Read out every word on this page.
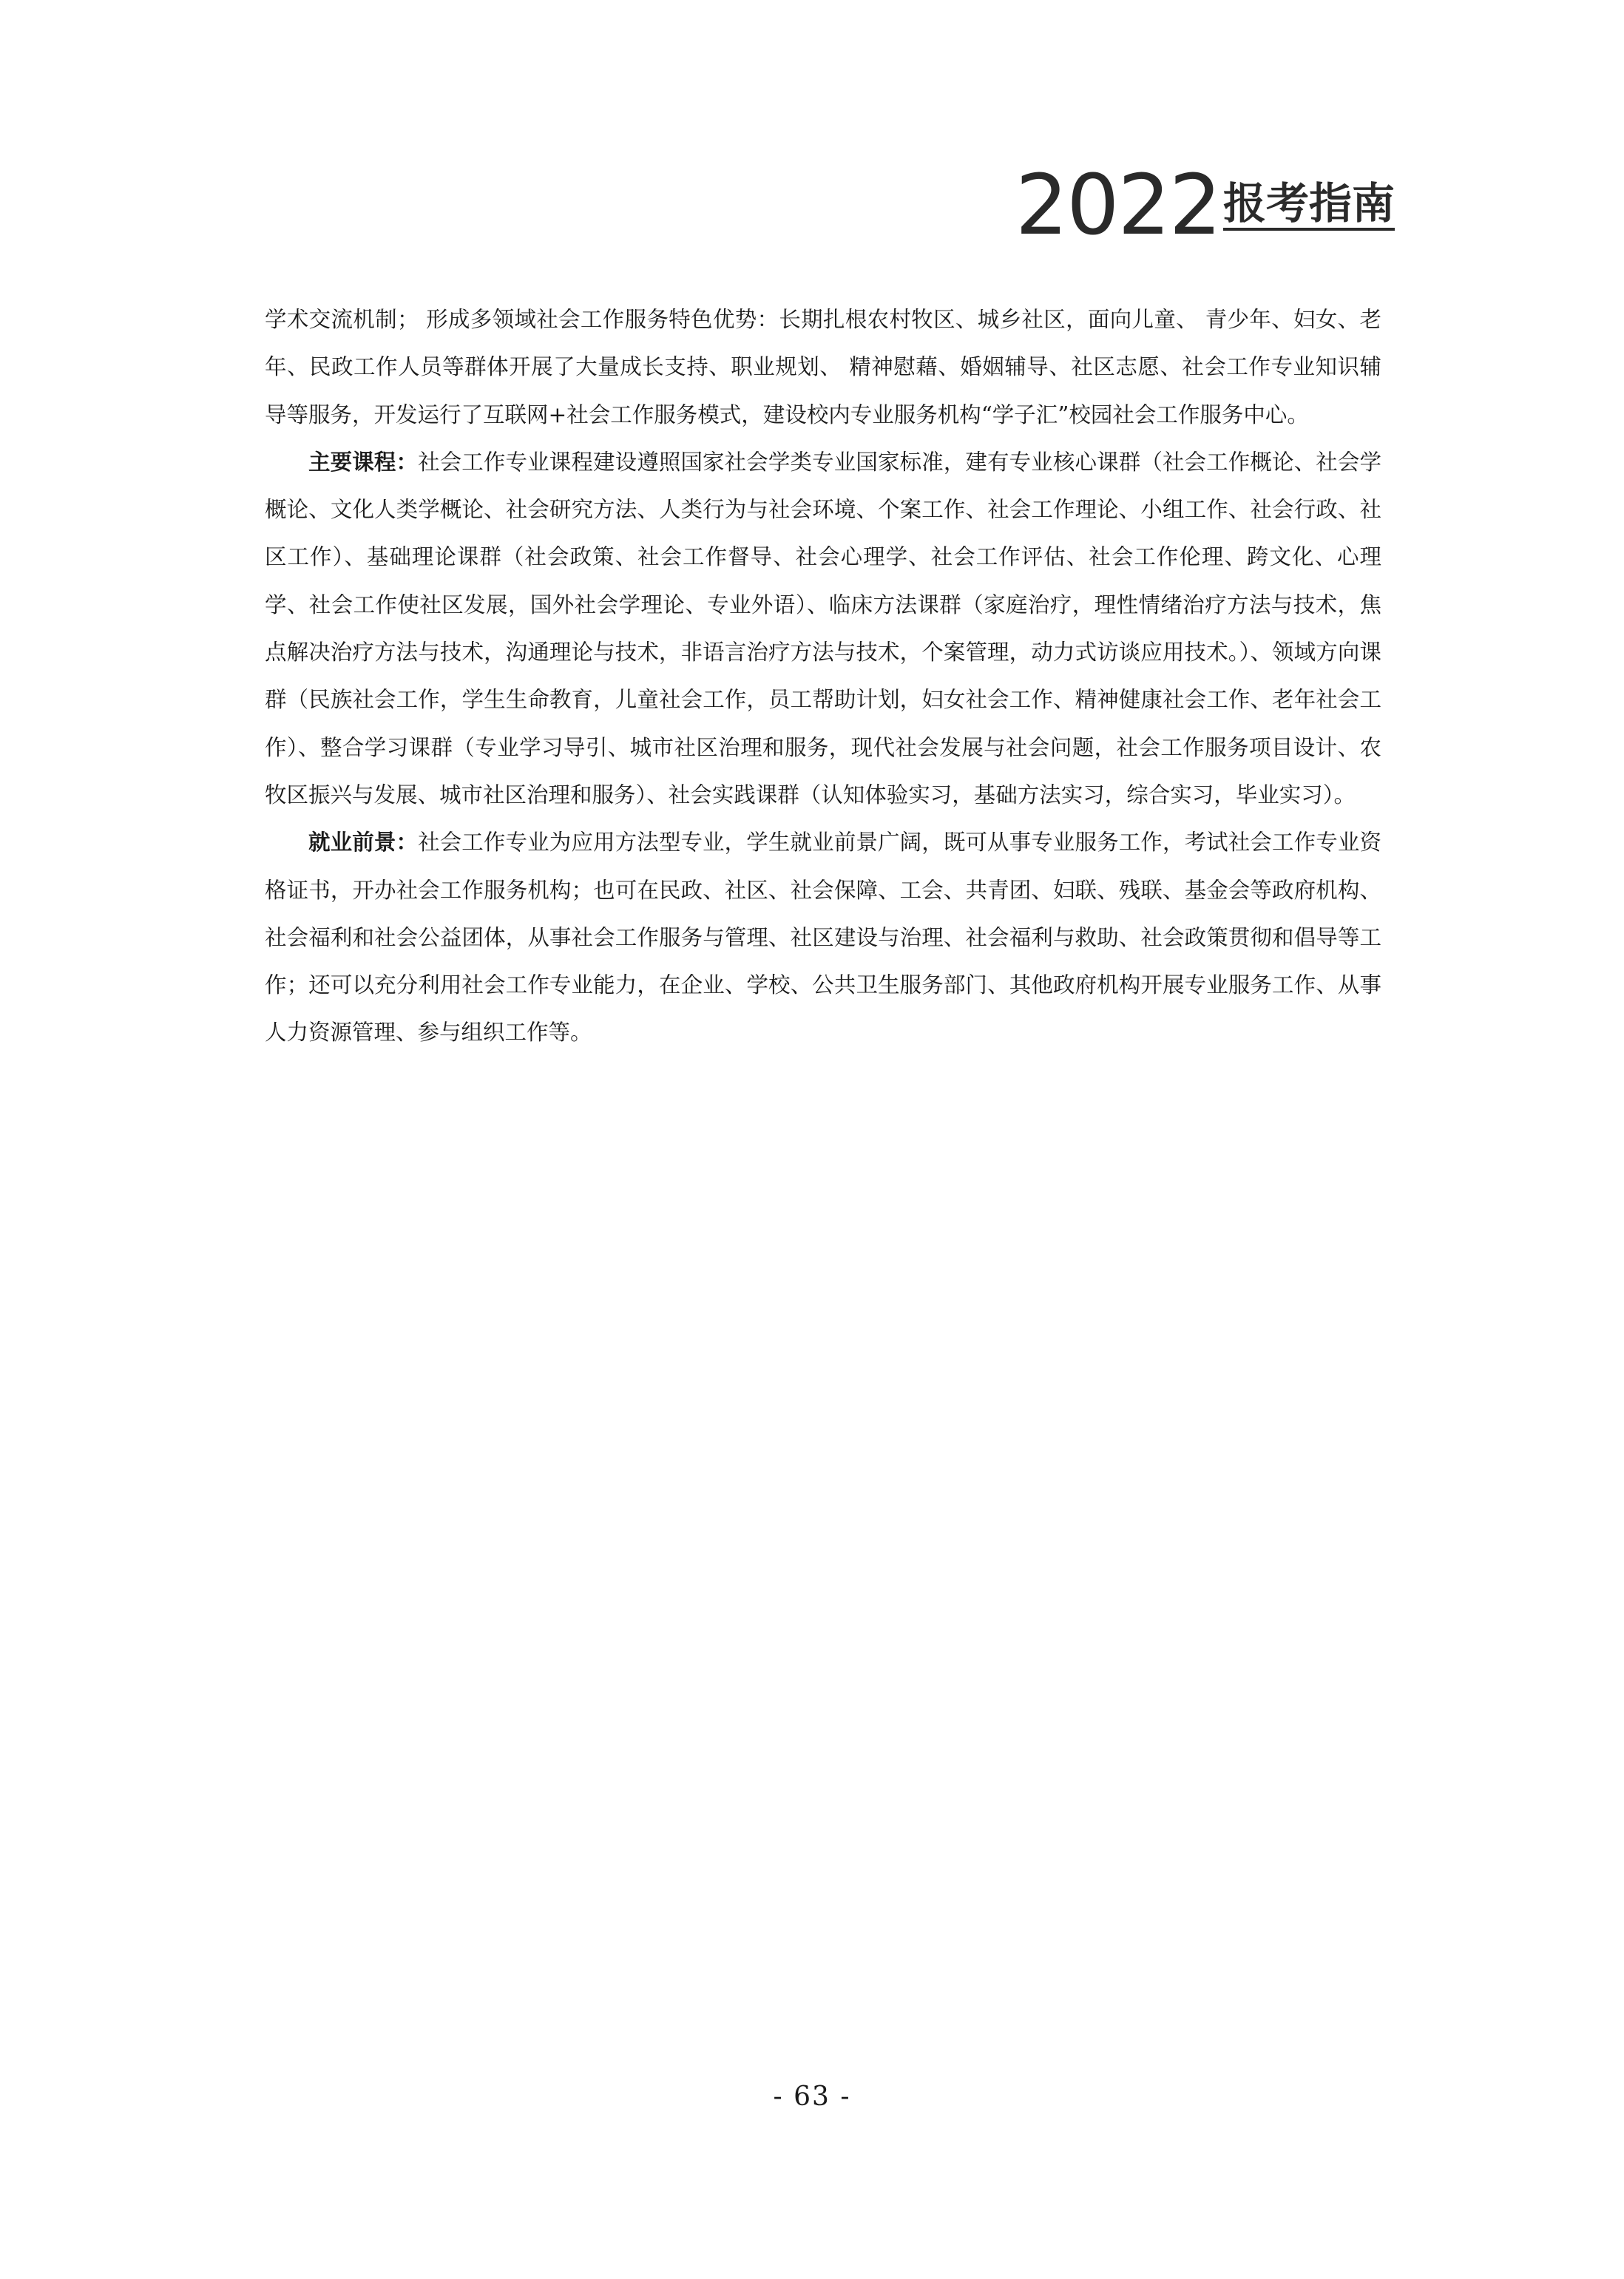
2022 报考指南

学术交流机制； 形成多领域社会工作服务特色优势：长期扎根农村牧区、城乡社区，面向儿童、 青少年、妇女、老年、民政工作人员等群体开展了大量成长支持、职业规划、 精神慰藉、婚姻辅导、社区志愿、社会工作专业知识辅导等服务，开发运行了互联网+社会工作服务模式，建设校内专业服务机构“学子汇”校园社会工作服务中心。

主要课程：社会工作专业课程建设遵照国家社会学类专业国家标准，建有专业核心课群（社会工作概论、社会学概论、文化人类学概论、社会研究方法、人类行为与社会环境、个案工作、社会工作理论、小组工作、社会行政、社区工作）、基础理论课群（社会政策、社会工作督导、社会心理学、社会工作评估、社会工作伦理、跨文化、心理学、社会工作使社区发展，国外社会学理论、专业外语）、临床方法课群（家庭治疗，理性情绪治疗方法与技术，焦点解决治疗方法与技术，沟通理论与技术，非语言治疗方法与技术，个案管理，动力式访谈应用技术。）、领域方向课群（民族社会工作，学生生命教育，儿童社会工作，员工帮助计划，妇女社会工作、精神健康社会工作、老年社会工作）、整合学习课群（专业学习导引、城市社区治理和服务，现代社会发展与社会问题，社会工作服务项目设计、农牧区振兴与发展、城市社区治理和服务）、社会实践课群（认知体验实习，基础方法实习，综合实习，毕业实习）。

就业前景：社会工作专业为应用方法型专业，学生就业前景广阔，既可从事专业服务工作，考试社会工作专业资格证书，开办社会工作服务机构；也可在民政、社区、社会保障、工会、共青团、妇联、残联、基金会等政府机构、社会福利和社会公益团体，从事社会工作服务与管理、社区建设与治理、社会福利与救助、社会政策贯彻和倡导等工作；还可以充分利用社会工作专业能力，在企业、学校、公共卫生服务部门、其他政府机构开展专业服务工作、从事人力资源管理、参与组织工作等。

- 63 -
